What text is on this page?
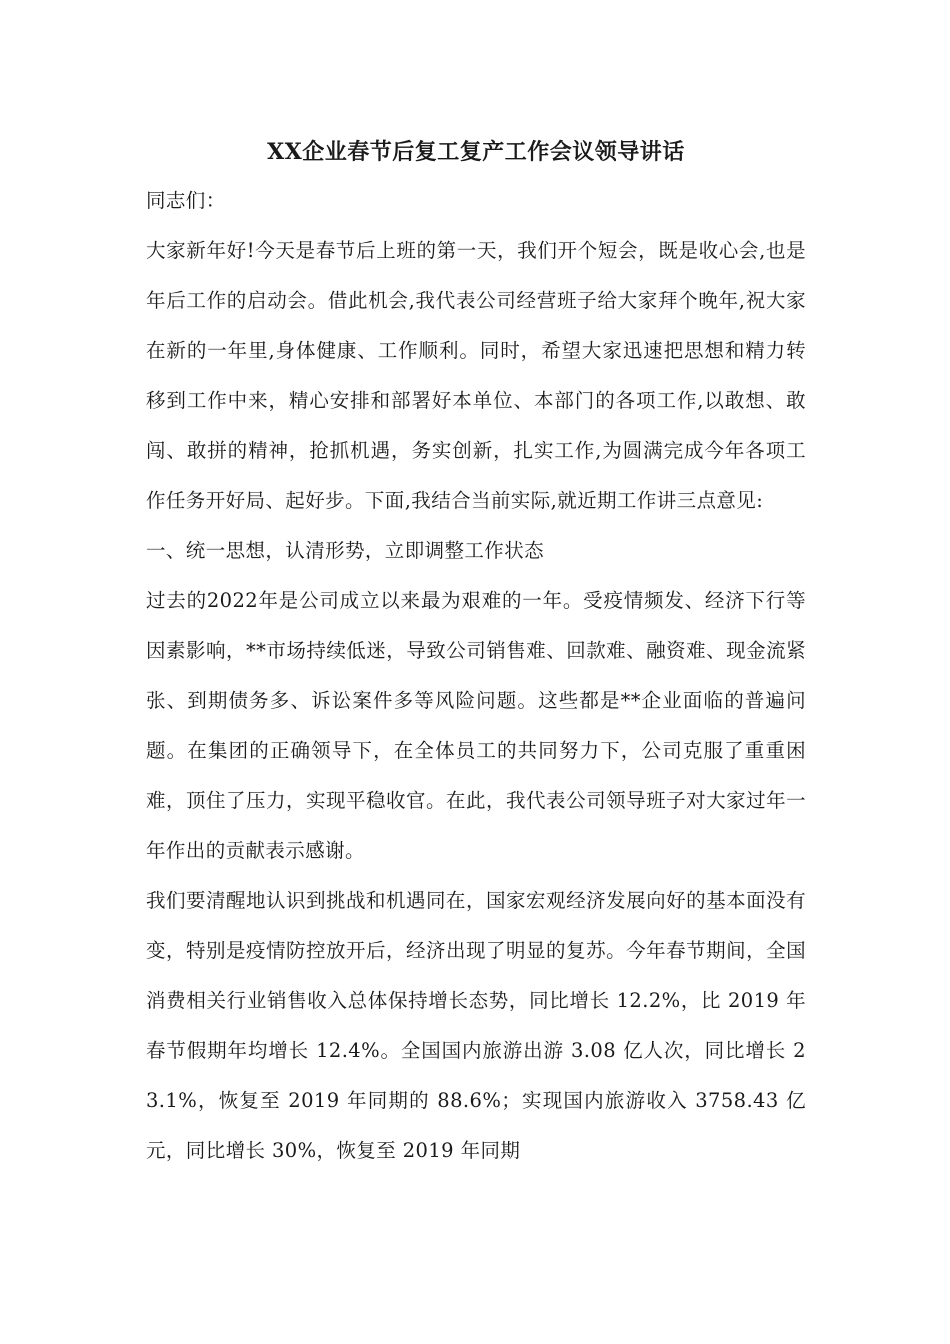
XX企业春节后复工复产工作会议领导讲话

同志们：

大家新年好!今天是春节后上班的第一天，我们开个短会，既是收心会,也是年后工作的启动会。借此机会,我代表公司经营班子给大家拜个晚年,祝大家在新的一年里,身体健康、工作顺利。同时，希望大家迅速把思想和精力转移到工作中来，精心安排和部署好本单位、本部门的各项工作,以敢想、敢闯、敢拼的精神，抢抓机遇，务实创新，扎实工作,为圆满完成今年各项工作任务开好局、起好步。下面,我结合当前实际,就近期工作讲三点意见:

一、统一思想，认清形势，立即调整工作状态

过去的2022年是公司成立以来最为艰难的一年。受疫情频发、经济下行等因素影响，**市场持续低迷，导致公司销售难、回款难、融资难、现金流紧张、到期债务多、诉讼案件多等风险问题。这些都是**企业面临的普遍问题。在集团的正确领导下，在全体员工的共同努力下，公司克服了重重困难，顶住了压力，实现平稳收官。在此，我代表公司领导班子对大家过年一年作出的贡献表示感谢。

我们要清醒地认识到挑战和机遇同在，国家宏观经济发展向好的基本面没有变，特别是疫情防控放开后，经济出现了明显的复苏。今年春节期间，全国消费相关行业销售收入总体保持增长态势，同比增长 12.2%，比 2019 年春节假期年均增长 12.4%。全国国内旅游出游 3.08 亿人次，同比增长 23.1%，恢复至 2019 年同期的 88.6%；实现国内旅游收入 3758.43 亿元，同比增长 30%，恢复至 2019 年同期
